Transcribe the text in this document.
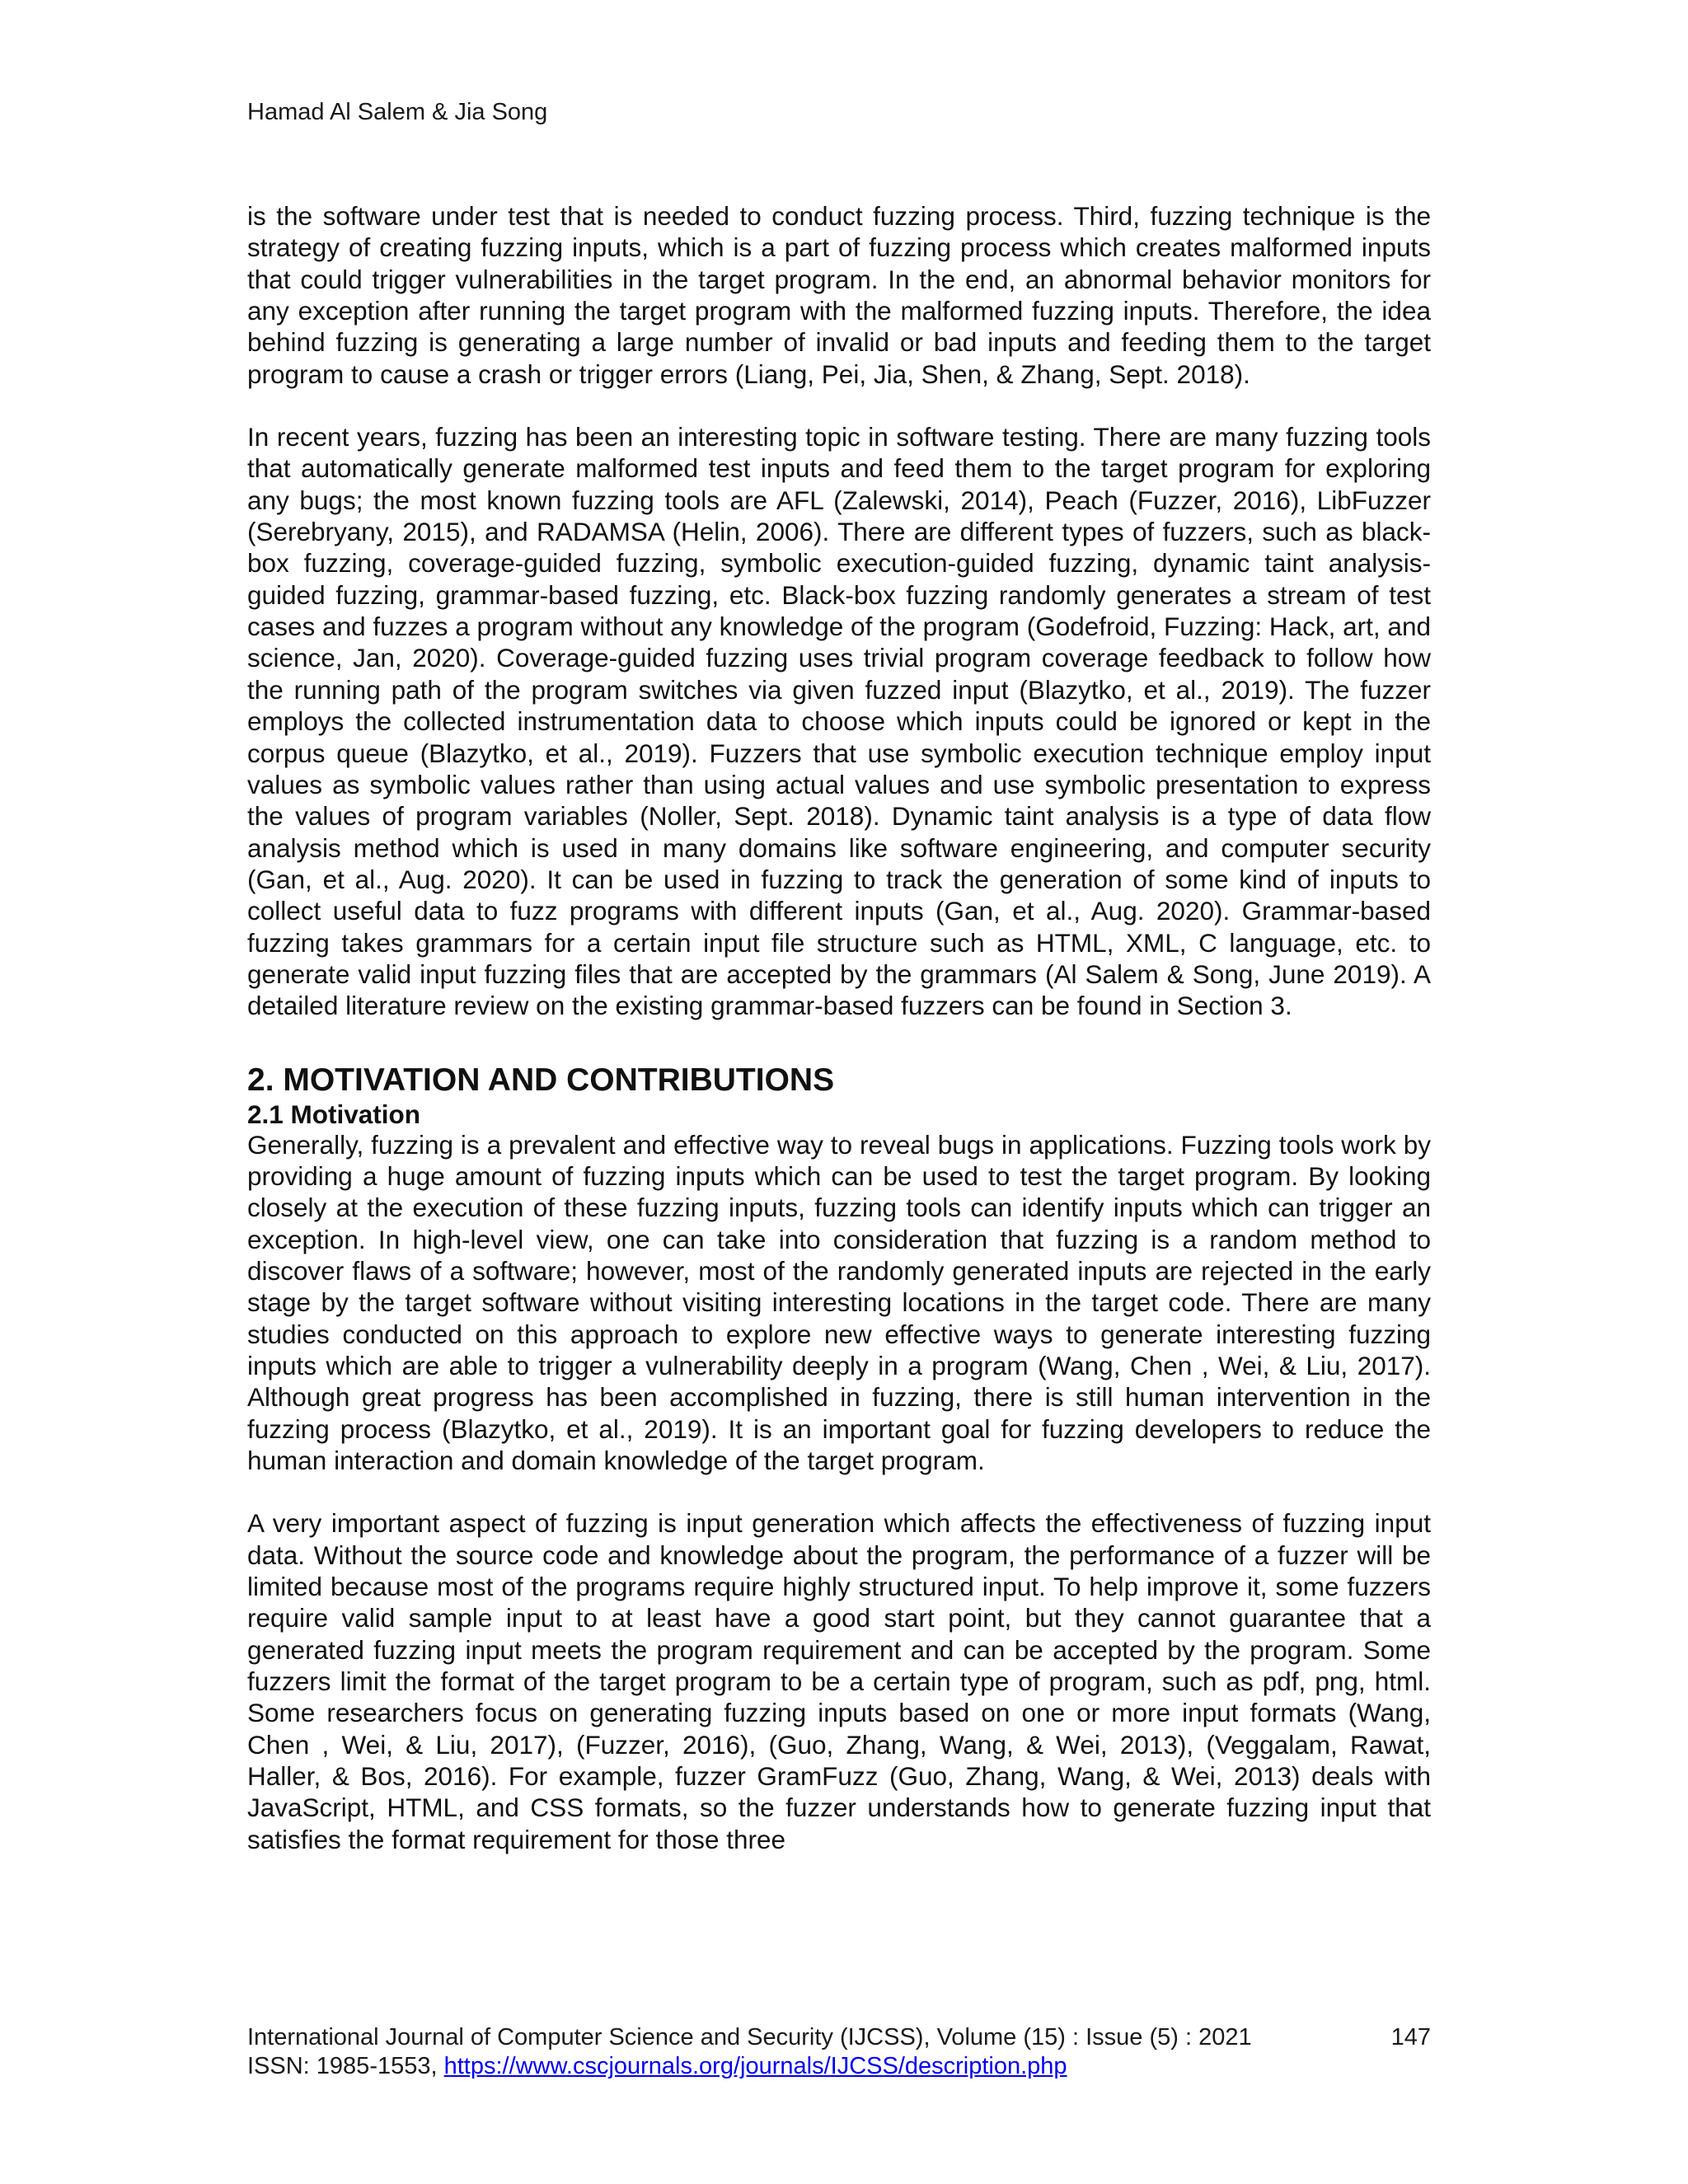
Hamad Al Salem & Jia Song

is the software under test that is needed to conduct fuzzing process. Third, fuzzing technique is the strategy of creating fuzzing inputs, which is a part of fuzzing process which creates malformed inputs that could trigger vulnerabilities in the target program. In the end, an abnormal behavior monitors for any exception after running the target program with the malformed fuzzing inputs. Therefore, the idea behind fuzzing is generating a large number of invalid or bad inputs and feeding them to the target program to cause a crash or trigger errors (Liang, Pei, Jia, Shen, & Zhang, Sept. 2018).

In recent years, fuzzing has been an interesting topic in software testing. There are many fuzzing tools that automatically generate malformed test inputs and feed them to the target program for exploring any bugs; the most known fuzzing tools are AFL (Zalewski, 2014), Peach (Fuzzer, 2016), LibFuzzer (Serebryany, 2015), and RADAMSA (Helin, 2006). There are different types of fuzzers, such as black-box fuzzing, coverage-guided fuzzing, symbolic execution-guided fuzzing, dynamic taint analysis-guided fuzzing, grammar-based fuzzing, etc. Black-box fuzzing randomly generates a stream of test cases and fuzzes a program without any knowledge of the program (Godefroid, Fuzzing: Hack, art, and science, Jan, 2020). Coverage-guided fuzzing uses trivial program coverage feedback to follow how the running path of the program switches via given fuzzed input (Blazytko, et al., 2019). The fuzzer employs the collected instrumentation data to choose which inputs could be ignored or kept in the corpus queue (Blazytko, et al., 2019). Fuzzers that use symbolic execution technique employ input values as symbolic values rather than using actual values and use symbolic presentation to express the values of program variables (Noller, Sept. 2018). Dynamic taint analysis is a type of data flow analysis method which is used in many domains like software engineering, and computer security (Gan, et al., Aug. 2020). It can be used in fuzzing to track the generation of some kind of inputs to collect useful data to fuzz programs with different inputs (Gan, et al., Aug. 2020). Grammar-based fuzzing takes grammars for a certain input file structure such as HTML, XML, C language, etc. to generate valid input fuzzing files that are accepted by the grammars (Al Salem & Song, June 2019). A detailed literature review on the existing grammar-based fuzzers can be found in Section 3.

2. MOTIVATION AND CONTRIBUTIONS
2.1 Motivation

Generally, fuzzing is a prevalent and effective way to reveal bugs in applications. Fuzzing tools work by providing a huge amount of fuzzing inputs which can be used to test the target program. By looking closely at the execution of these fuzzing inputs, fuzzing tools can identify inputs which can trigger an exception. In high-level view, one can take into consideration that fuzzing is a random method to discover flaws of a software; however, most of the randomly generated inputs are rejected in the early stage by the target software without visiting interesting locations in the target code. There are many studies conducted on this approach to explore new effective ways to generate interesting fuzzing inputs which are able to trigger a vulnerability deeply in a program (Wang, Chen , Wei, & Liu, 2017). Although great progress has been accomplished in fuzzing, there is still human intervention in the fuzzing process (Blazytko, et al., 2019). It is an important goal for fuzzing developers to reduce the human interaction and domain knowledge of the target program.

A very important aspect of fuzzing is input generation which affects the effectiveness of fuzzing input data. Without the source code and knowledge about the program, the performance of a fuzzer will be limited because most of the programs require highly structured input. To help improve it, some fuzzers require valid sample input to at least have a good start point, but they cannot guarantee that a generated fuzzing input meets the program requirement and can be accepted by the program. Some fuzzers limit the format of the target program to be a certain type of program, such as pdf, png, html. Some researchers focus on generating fuzzing inputs based on one or more input formats (Wang, Chen , Wei, & Liu, 2017), (Fuzzer, 2016), (Guo, Zhang, Wang, & Wei, 2013), (Veggalam, Rawat, Haller, & Bos, 2016). For example, fuzzer GramFuzz (Guo, Zhang, Wang, & Wei, 2013) deals with JavaScript, HTML, and CSS formats, so the fuzzer understands how to generate fuzzing input that satisfies the format requirement for those three

International Journal of Computer Science and Security (IJCSS), Volume (15) : Issue (5) : 2021	147
ISSN: 1985-1553, https://www.cscjournals.org/journals/IJCSS/description.php
